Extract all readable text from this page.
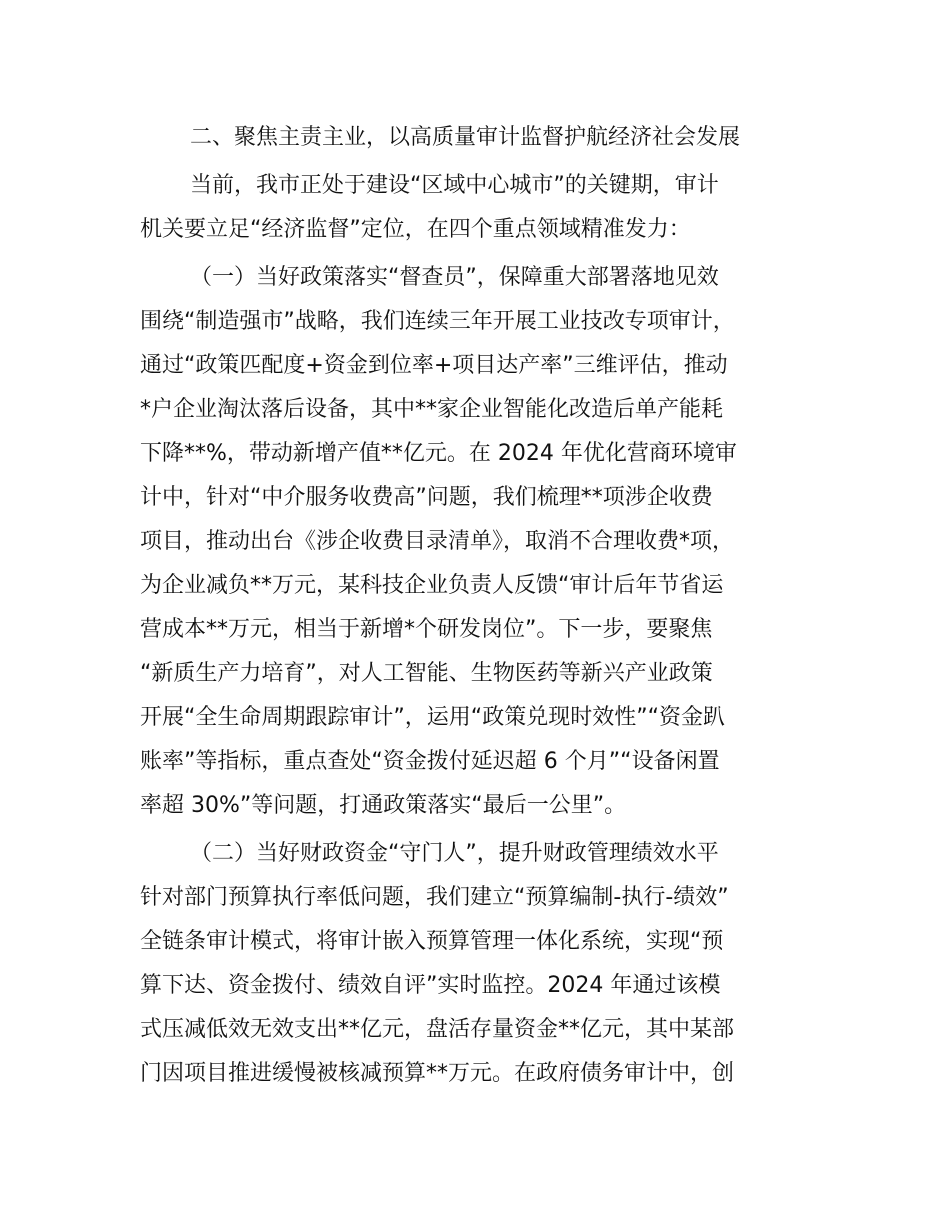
二、聚焦主责主业，以高质量审计监督护航经济社会发展
当前，我市正处于建设“区域中心城市”的关键期，审计
机关要立足“经济监督”定位，在四个重点领域精准发力：
（一）当好政策落实“督查员”，保障重大部署落地见效
围绕“制造强市”战略，我们连续三年开展工业技改专项审计，
通过“政策匹配度+资金到位率+项目达产率”三维评估，推动
*户企业淘汰落后设备，其中**家企业智能化改造后单产能耗
下降**%，带动新增产值**亿元。在 2024 年优化营商环境审
计中，针对“中介服务收费高”问题，我们梳理**项涉企收费
项目，推动出台《涉企收费目录清单》，取消不合理收费*项，
为企业减负**万元，某科技企业负责人反馈“审计后年节省运
营成本**万元，相当于新增*个研发岗位”。下一步，要聚焦
“新质生产力培育”，对人工智能、生物医药等新兴产业政策
开展“全生命周期跟踪审计”，运用“政策兑现时效性”“资金趴
账率”等指标，重点查处“资金拨付延迟超 6 个月”“设备闲置
率超 30%”等问题，打通政策落实“最后一公里”。
（二）当好财政资金“守门人”，提升财政管理绩效水平
针对部门预算执行率低问题，我们建立“预算编制-执行-绩效”
全链条审计模式，将审计嵌入预算管理一体化系统，实现“预
算下达、资金拨付、绩效自评”实时监控。2024 年通过该模
式压减低效无效支出**亿元，盘活存量资金**亿元，其中某部
门因项目推进缓慢被核减预算**万元。在政府债务审计中，创
